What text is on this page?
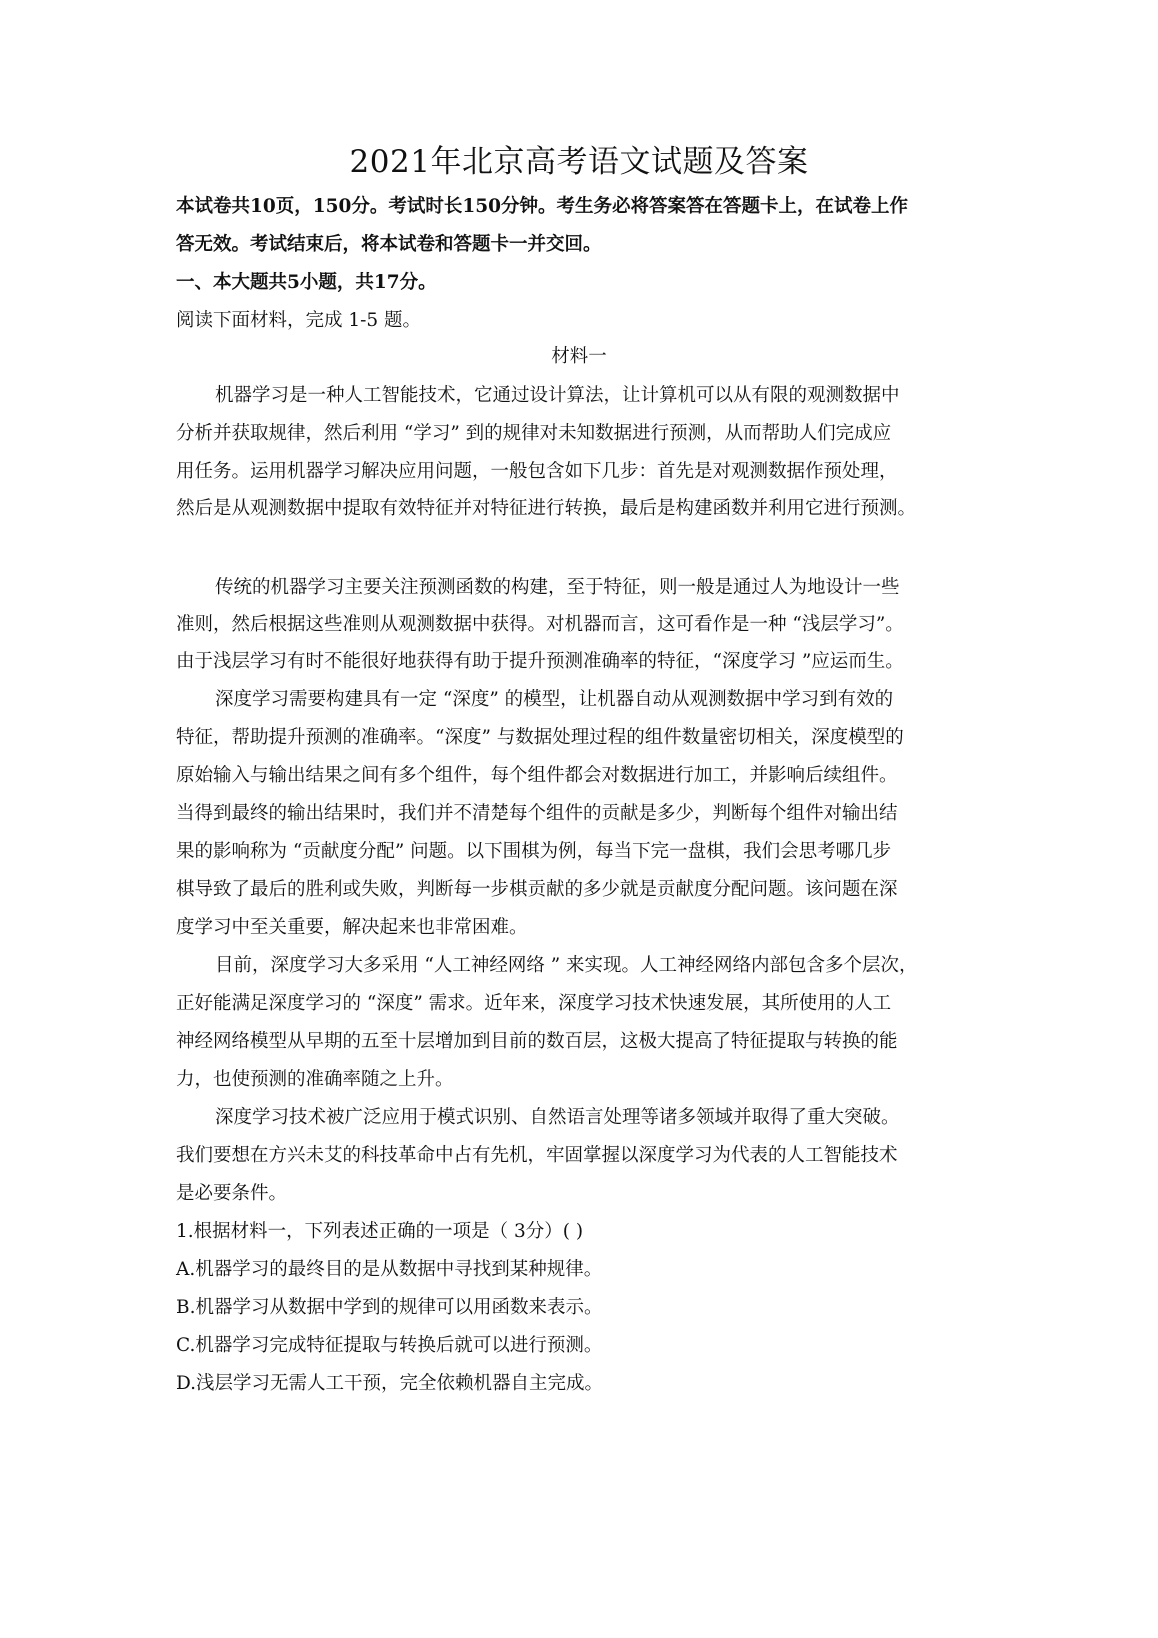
2021年北京高考语文试题及答案
本试卷共10页，150分。考试时长150分钟。考生务必将答案答在答题卡上，在试卷上作
答无效。考试结束后，将本试卷和答题卡一并交回。
一、本大题共5小题，共17分。
阅读下面材料，完成 1-5 题。
材料一
机器学习是一种人工智能技术，它通过设计算法，让计算机可以从有限的观测数据中
分析并获取规律，然后利用 “学习” 到的规律对未知数据进行预测，从而帮助人们完成应
用任务。运用机器学习解决应用问题，一般包含如下几步：首先是对观测数据作预处理，
然后是从观测数据中提取有效特征并对特征进行转换，最后是构建函数并利用它进行预测。
传统的机器学习主要关注预测函数的构建，至于特征，则一般是通过人为地设计一些
准则，然后根据这些准则从观测数据中获得。对机器而言，这可看作是一种 “浅层学习”。
由于浅层学习有时不能很好地获得有助于提升预测准确率的特征，“深度学习 ”应运而生。
深度学习需要构建具有一定 “深度” 的模型，让机器自动从观测数据中学习到有效的
特征，帮助提升预测的准确率。“深度” 与数据处理过程的组件数量密切相关，深度模型的
原始输入与输出结果之间有多个组件，每个组件都会对数据进行加工，并影响后续组件。
当得到最终的输出结果时，我们并不清楚每个组件的贡献是多少，判断每个组件对输出结
果的影响称为 “贡献度分配” 问题。以下围棋为例，每当下完一盘棋，我们会思考哪几步
棋导致了最后的胜利或失败，判断每一步棋贡献的多少就是贡献度分配问题。该问题在深
度学习中至关重要，解决起来也非常困难。
目前，深度学习大多采用 “人工神经网络 ” 来实现。人工神经网络内部包含多个层次，
正好能满足深度学习的 “深度” 需求。近年来，深度学习技术快速发展，其所使用的人工
神经网络模型从早期的五至十层增加到目前的数百层，这极大提高了特征提取与转换的能
力，也使预测的准确率随之上升。
深度学习技术被广泛应用于模式识别、自然语言处理等诸多领域并取得了重大突破。
我们要想在方兴未艾的科技革命中占有先机，牢固掌握以深度学习为代表的人工智能技术
是必要条件。
1.根据材料一，下列表述正确的一项是（ 3分）( )
A.机器学习的最终目的是从数据中寻找到某种规律。
B.机器学习从数据中学到的规律可以用函数来表示。
C.机器学习完成特征提取与转换后就可以进行预测。
D.浅层学习无需人工干预，完全依赖机器自主完成。
